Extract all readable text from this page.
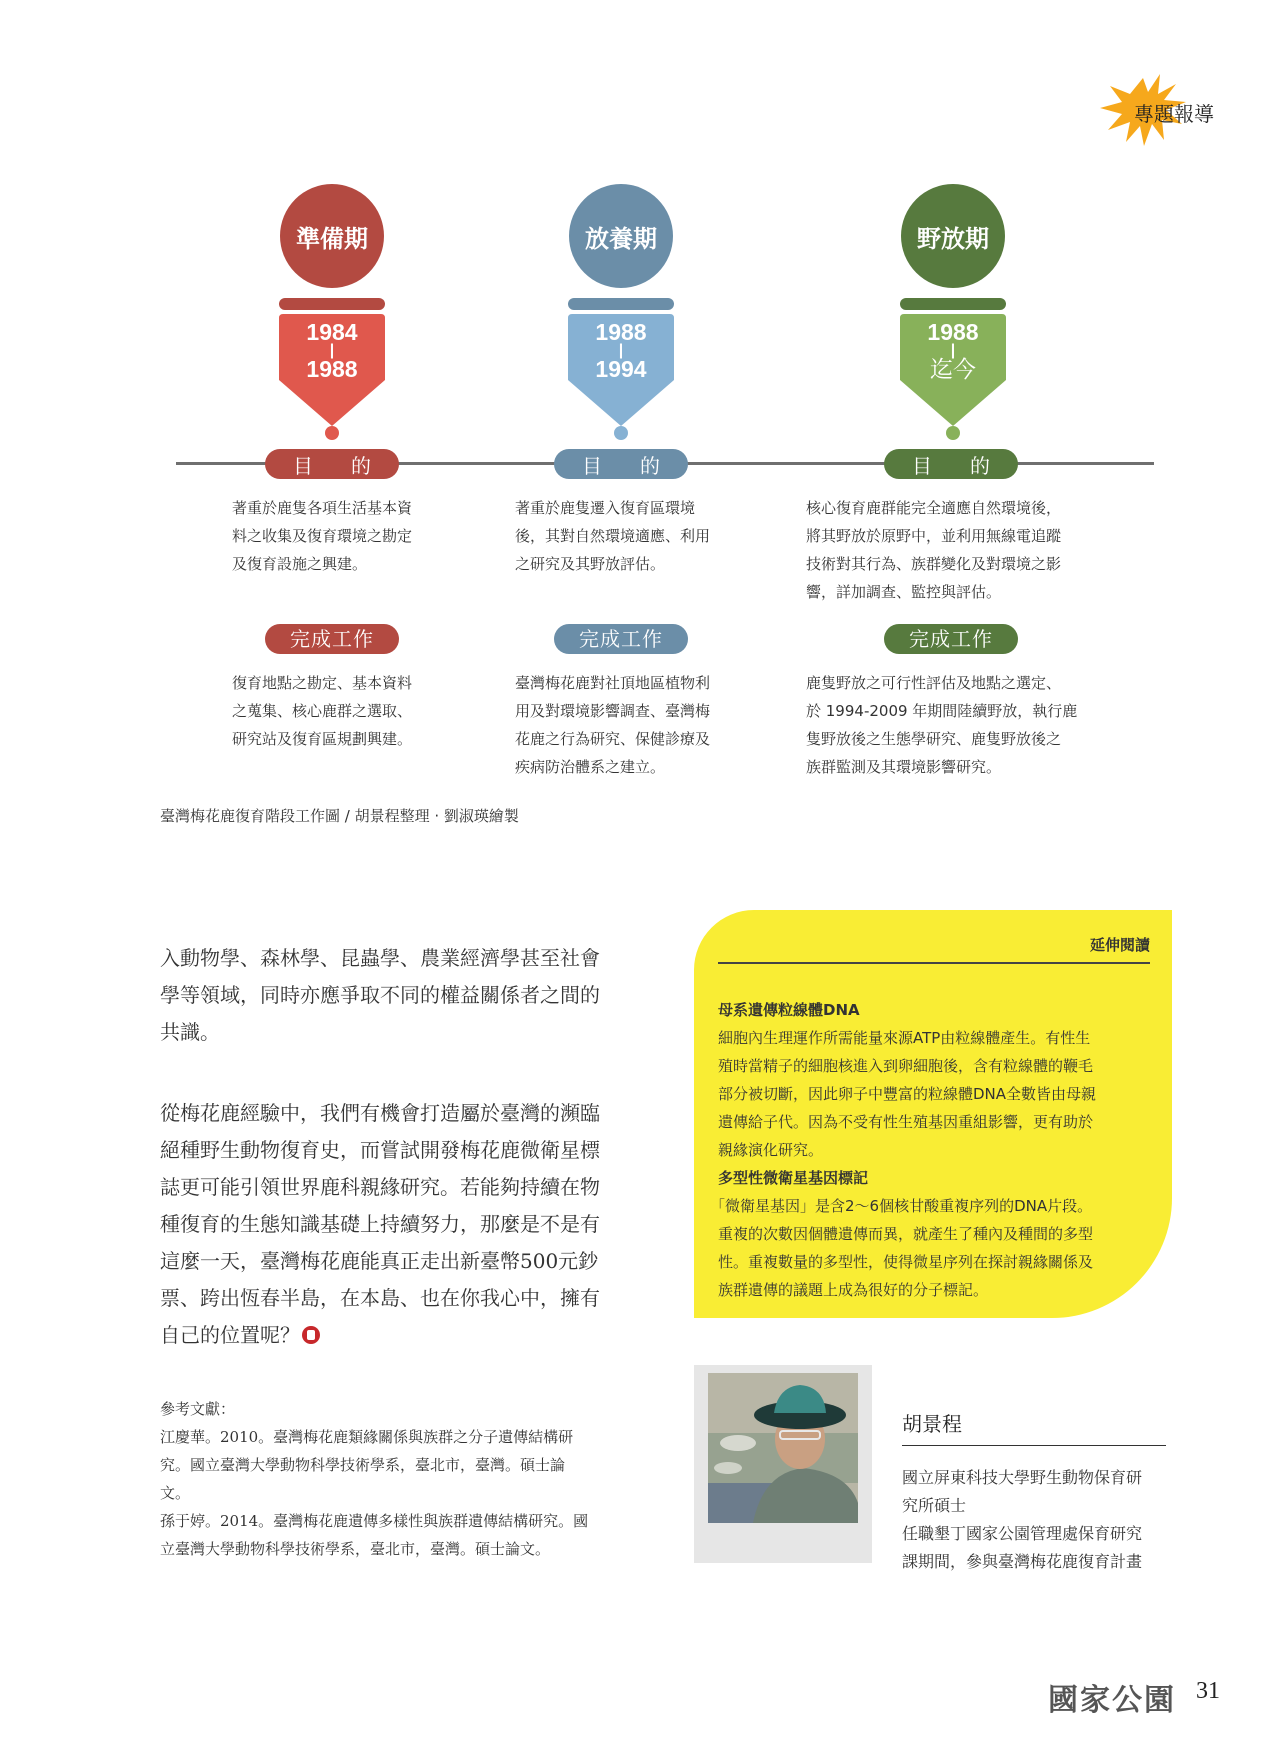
專題報導
準備期
1984
|
1988
目 的
著重於鹿隻各項生活基本資
料之收集及復育環境之勘定
及復育設施之興建。
完成工作
復育地點之勘定、基本資料
之蒐集、核心鹿群之選取、
研究站及復育區規劃興建。
放養期
1988
|
1994
目 的
著重於鹿隻遷入復育區環境
後，其對自然環境適應、利用
之研究及其野放評估。
完成工作
臺灣梅花鹿對社頂地區植物利
用及對環境影響調查、臺灣梅
花鹿之行為研究、保健診療及
疾病防治體系之建立。
野放期
1988
|
迄今
目 的
核心復育鹿群能完全適應自然環境後，
將其野放於原野中，並利用無線電追蹤
技術對其行為、族群變化及對環境之影
響，詳加調查、監控與評估。
完成工作
鹿隻野放之可行性評估及地點之選定、
於 1994-2009 年期間陸續野放，執行鹿
隻野放後之生態學研究、鹿隻野放後之
族群監測及其環境影響研究。
臺灣梅花鹿復育階段工作圖 / 胡景程整理 ‧ 劉淑瑛繪製
入動物學、森林學、昆蟲學、農業經濟學甚至社會
學等領域，同時亦應爭取不同的權益關係者之間的
共識。
從梅花鹿經驗中，我們有機會打造屬於臺灣的瀕臨
絕種野生動物復育史，而嘗試開發梅花鹿微衛星標
誌更可能引領世界鹿科親緣研究。若能夠持續在物
種復育的生態知識基礎上持續努力，那麼是不是有
這麼一天，臺灣梅花鹿能真正走出新臺幣500元鈔
票、跨出恆春半島，在本島、也在你我心中，擁有
自己的位置呢？
參考文獻：
江慶華。2010。臺灣梅花鹿類緣關係與族群之分子遺傳結構研
究。國立臺灣大學動物科學技術學系，臺北市，臺灣。碩士論
文。
孫于婷。2014。臺灣梅花鹿遺傳多樣性與族群遺傳結構研究。國
立臺灣大學動物科學技術學系，臺北市，臺灣。碩士論文。
延伸閱讀
母系遺傳粒線體DNA
細胞內生理運作所需能量來源ATP由粒線體產生。有性生
殖時當精子的細胞核進入到卵細胞後，含有粒線體的鞭毛
部分被切斷，因此卵子中豐富的粒線體DNA全數皆由母親
遺傳給子代。因為不受有性生殖基因重組影響，更有助於
親緣演化研究。
多型性微衛星基因標記
「微衛星基因」是含2～6個核甘酸重複序列的DNA片段。
重複的次數因個體遺傳而異，就產生了種內及種間的多型
性。重複數量的多型性，使得微星序列在探討親緣關係及
族群遺傳的議題上成為很好的分子標記。
胡景程
國立屏東科技大學野生動物保育研
究所碩士
任職墾丁國家公園管理處保育研究
課期間，參與臺灣梅花鹿復育計畫
國家公園 31
